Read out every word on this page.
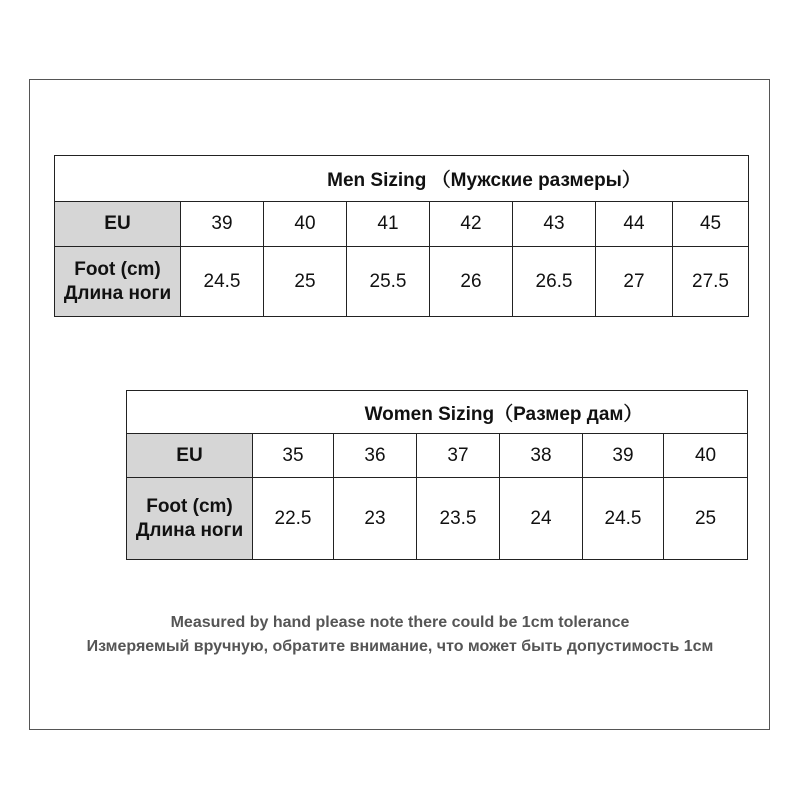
Men Sizing （Мужские размеры）							
EU	39	40	41	42	43	44	45

Foot (cm)
Длина ноги	24.5	25	25.5	26	26.5	27	27.5
Women Sizing（Размер дам）						
EU	35	36	37	38	39	40

Foot (cm)
Длина ноги	22.5	23	23.5	24	24.5	25
Measured by hand please note there could be 1cm tolerance
Измеряемый вручную, обратите внимание, что может быть допустимость 1см
